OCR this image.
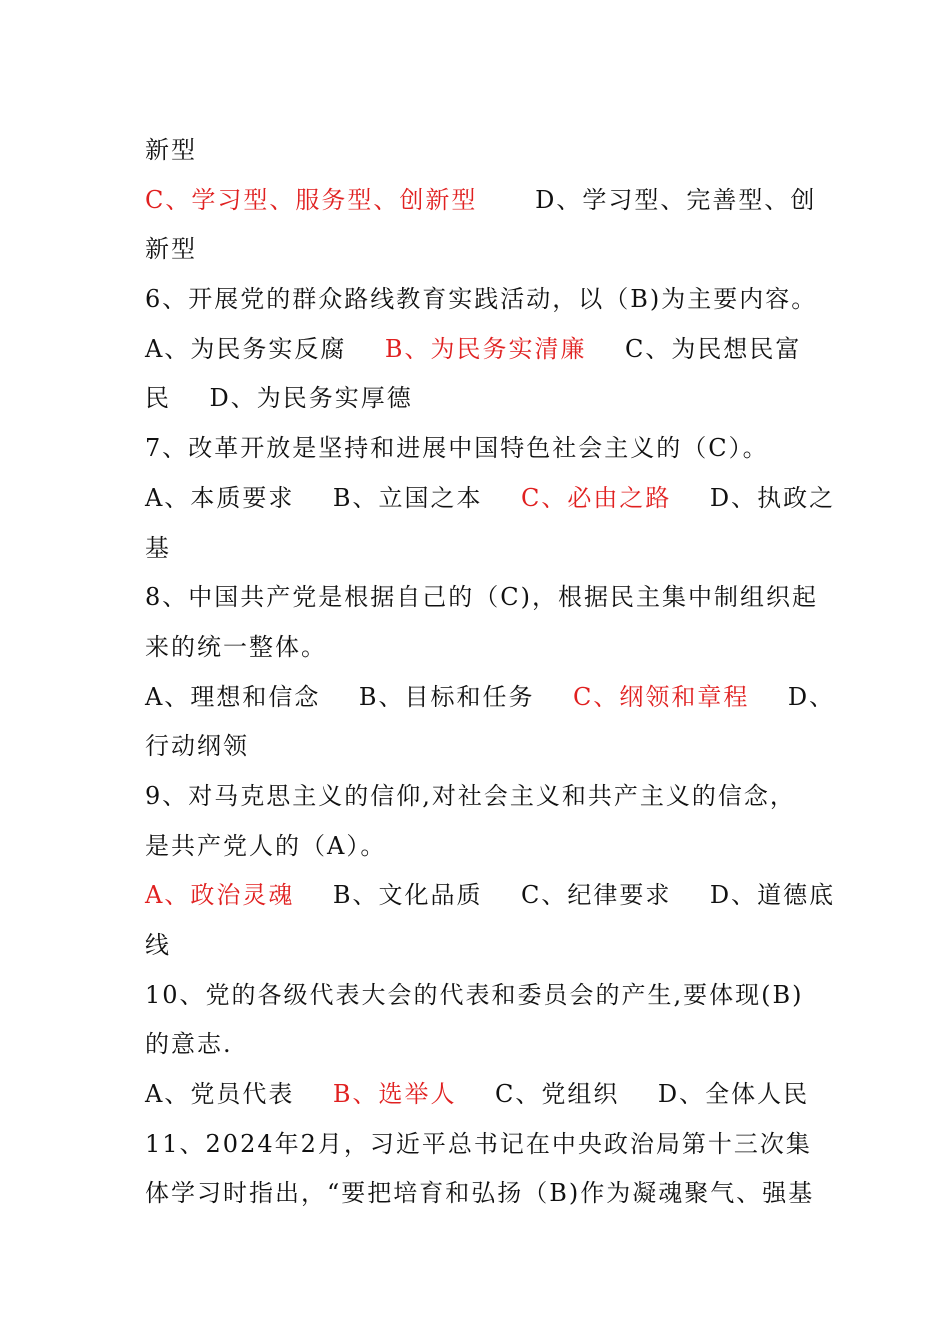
新型
C、学习型、服务型、创新型      D、学习型、完善型、创
新型
6、开展党的群众路线教育实践活动，以（B)为主要内容。
A、为民务实反腐    B、为民务实清廉    C、为民想民富
民    D、为民务实厚德
7、改革开放是坚持和进展中国特色社会主义的（C）。
A、本质要求    B、立国之本    C、必由之路    D、执政之
基
8、中国共产党是根据自己的（C)，根据民主集中制组织起
来的统一整体。
A、理想和信念    B、目标和任务    C、纲领和章程    D、
行动纲领
9、对马克思主义的信仰,对社会主义和共产主义的信念，
是共产党人的（A）。
A、政治灵魂    B、文化品质    C、纪律要求    D、道德底
线
10、党的各级代表大会的代表和委员会的产生,要体现(B)
的意志.
A、党员代表    B、选举人    C、党组织    D、全体人民
11、2024年2月，习近平总书记在中央政治局第十三次集
体学习时指出，“要把培育和弘扬（B)作为凝魂聚气、强基
